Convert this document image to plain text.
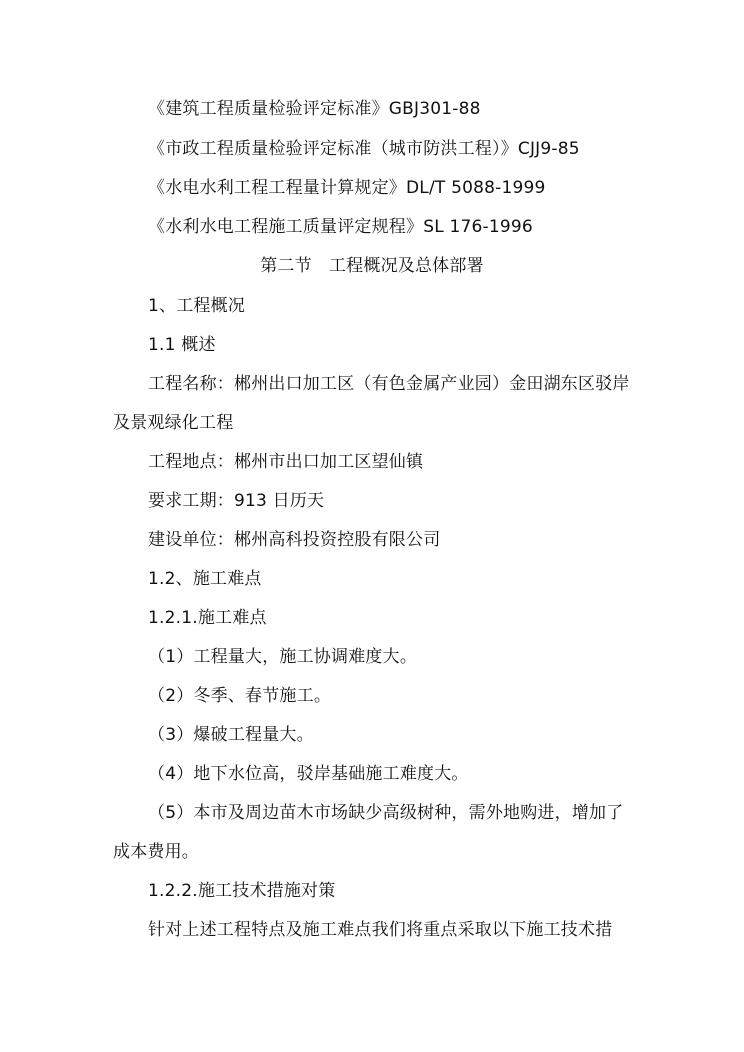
《建筑工程质量检验评定标准》GBJ301-88
《市政工程质量检验评定标准（城市防洪工程）》CJJ9-85
《水电水利工程工程量计算规定》DL/T 5088-1999
《水利水电工程施工质量评定规程》SL 176-1996
第二节　工程概况及总体部署
1、工程概况
1.1 概述
工程名称：郴州出口加工区（有色金属产业园）金田湖东区驳岸
及景观绿化工程
工程地点：郴州市出口加工区望仙镇
要求工期：913 日历天
建设单位：郴州高科投资控股有限公司
1.2、施工难点
1.2.1.施工难点
（1）工程量大，施工协调难度大。
（2）冬季、春节施工。
（3）爆破工程量大。
（4）地下水位高，驳岸基础施工难度大。
（5）本市及周边苗木市场缺少高级树种，需外地购进，增加了
成本费用。
1.2.2.施工技术措施对策
针对上述工程特点及施工难点我们将重点采取以下施工技术措
